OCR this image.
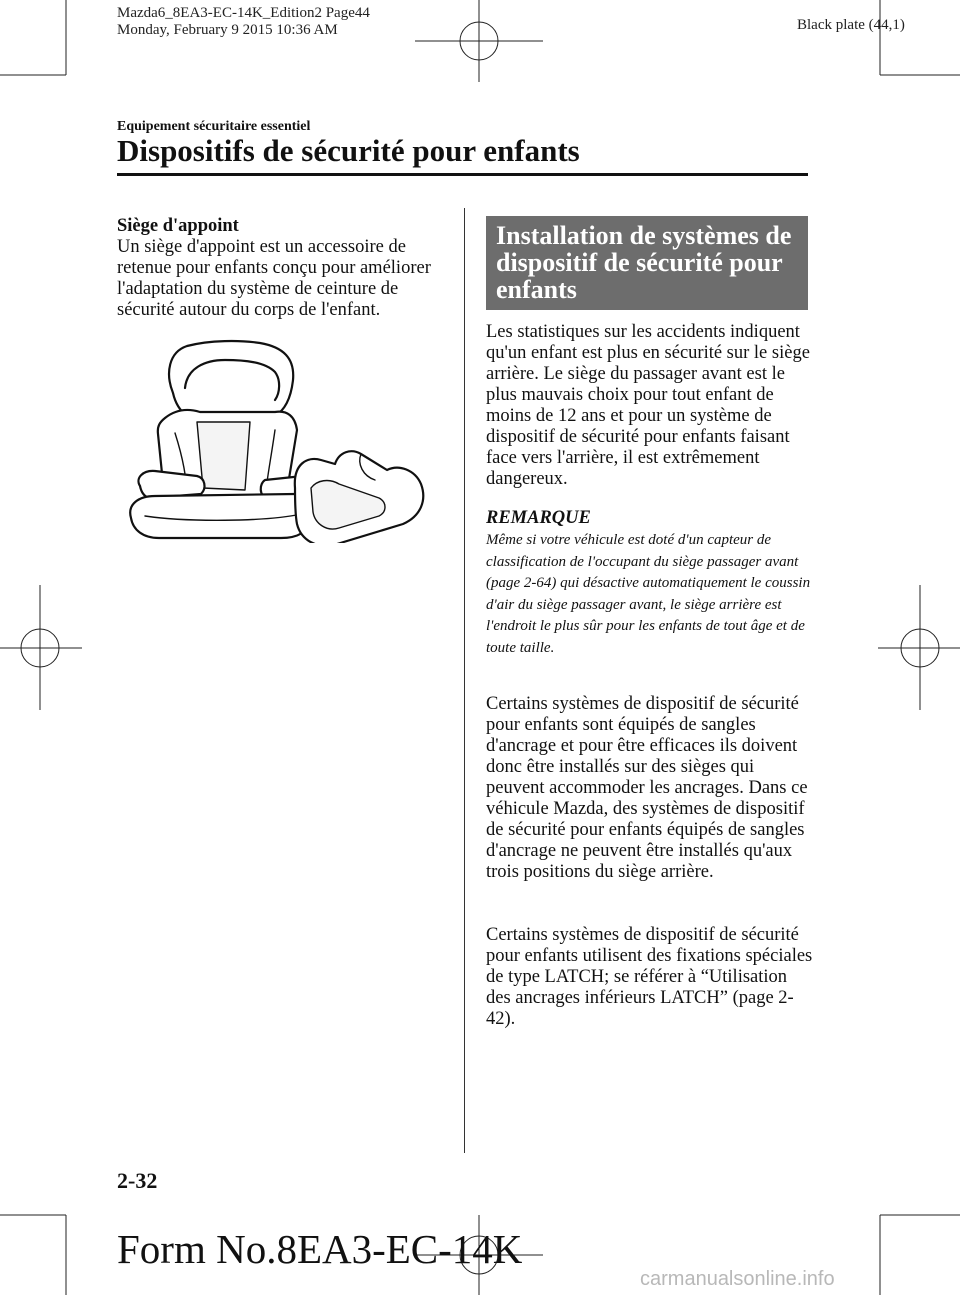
Mazda6_8EA3-EC-14K_Edition2 Page44
Monday, February 9 2015 10:36 AM	Black plate (44,1)
Equipement sécuritaire essentiel
Dispositifs de sécurité pour enfants

Siège d'appoint

Un siège d'appoint est un accessoire de retenue pour enfants conçu pour améliorer l'adaptation du système de ceinture de sécurité autour du corps de l'enfant.

Installation de systèmes de dispositif de sécurité pour enfants

Les statistiques sur les accidents indiquent qu'un enfant est plus en sécurité sur le siège arrière. Le siège du passager avant est le plus mauvais choix pour tout enfant de moins de 12 ans et pour un système de dispositif de sécurité pour enfants faisant face vers l'arrière, il est extrêmement dangereux.

REMARQUE

Même si votre véhicule est doté d'un capteur de classification de l'occupant du siège passager avant (page 2-64) qui désactive automatiquement le coussin d'air du siège passager avant, le siège arrière est l'endroit le plus sûr pour les enfants de tout âge et de toute taille.

Certains systèmes de dispositif de sécurité pour enfants sont équipés de sangles d'ancrage et pour être efficaces ils doivent donc être installés sur des sièges qui peuvent accommoder les ancrages. Dans ce véhicule Mazda, des systèmes de dispositif de sécurité pour enfants équipés de sangles d'ancrage ne peuvent être installés qu'aux trois positions du siège arrière.

Certains systèmes de dispositif de sécurité pour enfants utilisent des fixations spéciales de type LATCH; se référer à “Utilisation des ancrages inférieurs LATCH” (page 2-42).

2-32
Form No.8EA3-EC-14K
carmanualsonline.info
